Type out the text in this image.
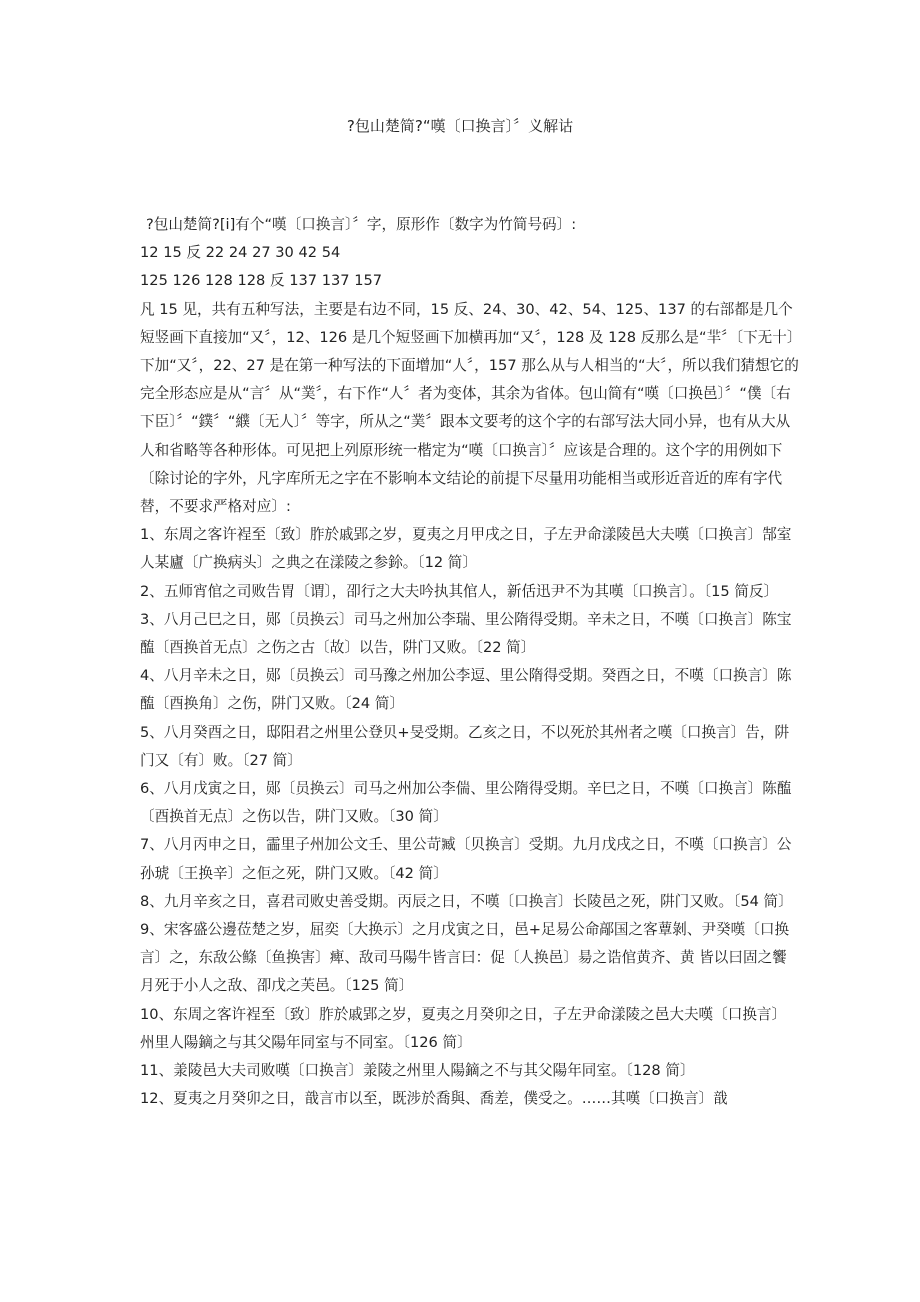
?包山楚简?“嘆〔口换言〕〞义解诂

?包山楚简?[i]有个“嘆〔口换言〕〞字，原形作〔数字为竹简号码〕:

12 15 反 22 24 27 30 42 54

125 126 128 128 反 137 137 157

凡 15 见，共有五种写法，主要是右边不同，15 反、24、30、42、54、125、137 的右部都是几个短竖画下直接加“又〞，12、126 是几个短竖画下加横再加“又〞，128 及 128 反那么是“羋〞〔下无十〕下加“又〞，22、27 是在第一种写法的下面增加“人〞，157 那么从与人相当的“大〞，所以我们猜想它的完全形态应是从“言〞从“菐〞，右下作“人〞者为变体，其余为省体。包山简有“嘆〔口换邑〕〞“僕〔右下臣〕〞“鏷〞“纀〔无人〕〞等字，所从之“菐〞跟本文要考的这个字的右部写法大同小异，也有从大从人和省略等各种形体。可见把上列原形统一楷定为“嘆〔口换言〕〞应该是合理的。这个字的用例如下〔除讨论的字外，凡字库所无之字在不影响本文结论的前提下尽量用功能相当或形近音近的库有字代替，不要求严格对应〕:

1、东周之客许裎至〔致〕胙於戚郢之岁，夏夷之月甲戌之日，子左尹命漾陵邑大夫嘆〔口换言〕郜室人某廬〔广换病头〕之典之在漾陵之参鉩。〔12 简〕

2、五师宵倌之司败告胃〔谓〕，卲行之大夫吟执其倌人，新佸迅尹不为其嘆〔口换言〕。〔15 简反〕

3、八月己巳之日，郧〔员换云〕司马之州加公李瑞、里公隋得受期。辛未之日，不嘆〔口换言〕陈宝醢〔酉换首无点〕之伤之古〔故〕以告，阱门又败。〔22 简〕

4、八月辛未之日，郧〔员换云〕司马豫之州加公李逗、里公隋得受期。癸酉之日，不嘆〔口换言〕陈醢〔酉换角〕之伤，阱门又败。〔24 简〕

5、八月癸酉之日，邸阳君之州里公登贝+旻受期。乙亥之日，不以死於其州者之嘆〔口换言〕告，阱门又〔有〕败。〔27 简〕

6、八月戊寅之日，郧〔员换云〕司马之州加公李偳、里公隋得受期。辛巳之日，不嘆〔口换言〕陈醢〔酉换首无点〕之伤以告，阱门又败。〔30 简〕

7、八月丙申之日，霝里子州加公文壬、里公苛臧〔贝换言〕受期。九月戊戌之日，不嘆〔口换言〕公孙琥〔王换辛〕之佢之死，阱门又败。〔42 简〕

8、九月辛亥之日，喜君司败史善受期。丙辰之日，不嘆〔口换言〕长陵邑之死，阱门又败。〔54 简〕

9、宋客盛公邊莅楚之岁，屈奕〔大换示〕之月戊寅之日，邑+足易公命鄗国之客蕈剝、尹癸嘆〔口换言〕之，东敌公鲦〔鱼换害〕痺、敌司马陽牛皆言曰：促〔人换邑〕昜之诰倌黄齐、黄 皆以曰固之饗月死于小人之敌、卲戊之芙邑。〔125 简〕

10、东周之客许裎至〔致〕胙於戚郢之岁，夏夷之月癸卯之日，子左尹命漾陵之邑大夫嘆〔口换言〕州里人陽鏑之与其父陽年同室与不同室。〔126 简〕

11、羕陵邑大夫司败嘆〔口换言〕羕陵之州里人陽鏑之不与其父陽年同室。〔128 简〕

12、夏夷之月癸卯之日，戠言市以至，既涉於喬與、喬差，僕受之。……其嘆〔口换言〕戠
